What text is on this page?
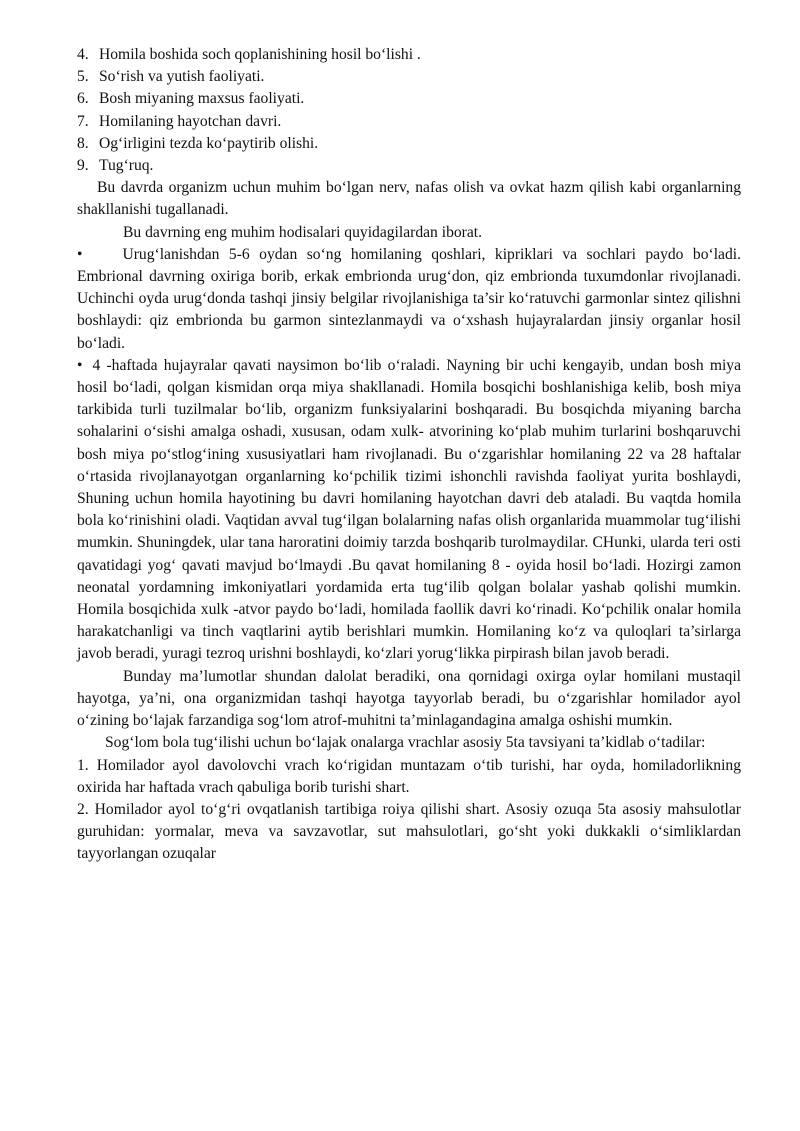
4. Homila boshida soch qoplanishining hosil bo‘lishi .
5. So‘rish va yutish faoliyati.
6. Bosh miyaning maxsus faoliyati.
7. Homilaning hayotchan davri.
8. Og‘irligini tezda ko‘paytirib olishi.
9. Tug‘ruq.

Bu davrda organizm uchun muhim bo‘lgan nerv, nafas olish va ovkat hazm qilish kabi organlarning shakllanishi tugallanadi.

Bu davrning eng muhim hodisalari quyidagilardan iborat.

•	Urug‘lanishdan 5-6 oydan so‘ng homilaning qoshlari, kipriklari va sochlari paydo bo‘ladi. Embrional davrning oxiriga borib, erkak embrionda urug‘don, qiz embrionda tuxumdonlar rivojlanadi. Uchinchi oyda urug‘donda tashqi jinsiy belgilar rivojlanishiga ta’sir ko‘ratuvchi garmonlar sintez qilishni boshlaydi: qiz embrionda bu garmon sintezlanmaydi va o‘xshash hujayralardan jinsiy organlar hosil bo‘ladi.

• 4 -haftada hujayralar qavati naysimon bo‘lib o‘raladi. Nayning bir uchi kengayib, undan bosh miya hosil bo‘ladi, qolgan kismidan orqa miya shakllanadi. Homila bosqichi boshlanishiga kelib, bosh miya tarkibida turli tuzilmalar bo‘lib, organizm funksiyalarini boshqaradi. Bu bosqichda miyaning barcha sohalarini o‘sishi amalga oshadi, xususan, odam xulk- atvorining ko‘plab muhim turlarini boshqaruvchi bosh miya po‘stlog‘ining xususiyatlari ham rivojlanadi. Bu o‘zgarishlar homilaning 22 va 28 haftalar o‘rtasida rivojlanayotgan organlarning ko‘pchilik tizimi ishonchli ravishda faoliyat yurita boshlaydi, Shuning uchun homila hayotining bu davri homilaning hayotchan davri deb ataladi. Bu vaqtda homila bola ko‘rinishini oladi. Vaqtidan avval tug‘ilgan bolalarning nafas olish organlarida muammolar tug‘ilishi mumkin. Shuningdek, ular tana haroratini doimiy tarzda boshqarib turolmaydilar. CHunki, ularda teri osti qavatidagi yog‘ qavati mavjud bo‘lmaydi .Bu qavat homilaning 8 - oyida hosil bo‘ladi. Hozirgi zamon neonatal yordamning imkoniyatlari yordamida erta tug‘ilib qolgan bolalar yashab qolishi mumkin. Homila bosqichida xulk -atvor paydo bo‘ladi, homilada faollik davri ko‘rinadi. Ko‘pchilik onalar homila harakatchanligi va tinch vaqtlarini aytib berishlari mumkin. Homilaning ko‘z va quloqlari ta’sirlarga javob beradi, yuragi tezroq urishni boshlaydi, ko‘zlari yorug‘likka pirpirash bilan javob beradi.

Bunday ma’lumotlar shundan dalolat beradiki, ona qornidagi oxirga oylar homilani mustaqil hayotga, ya’ni, ona organizmidan tashqi hayotga tayyorlab beradi, bu o‘zgarishlar homilador ayol o‘zining bo‘lajak farzandiga sog‘lom atrof-muhitni ta’minlagandagina amalga oshishi mumkin.

Sog‘lom bola tug‘ilishi uchun bo‘lajak onalarga vrachlar asosiy 5ta tavsiyani ta’kidlab o‘tadilar:

1. Homilador ayol davolovchi vrach ko‘rigidan muntazam o‘tib turishi, har oyda, homiladorlikning oxirida har haftada vrach qabuliga borib turishi shart.

2. Homilador ayol to‘g‘ri ovqatlanish tartibiga roiya qilishi shart. Asosiy ozuqa 5ta asosiy mahsulotlar guruhidan: yormalar, meva va savzavotlar, sut mahsulotlari, go‘sht yoki dukkakli o‘simliklardan tayyorlangan ozuqalar
